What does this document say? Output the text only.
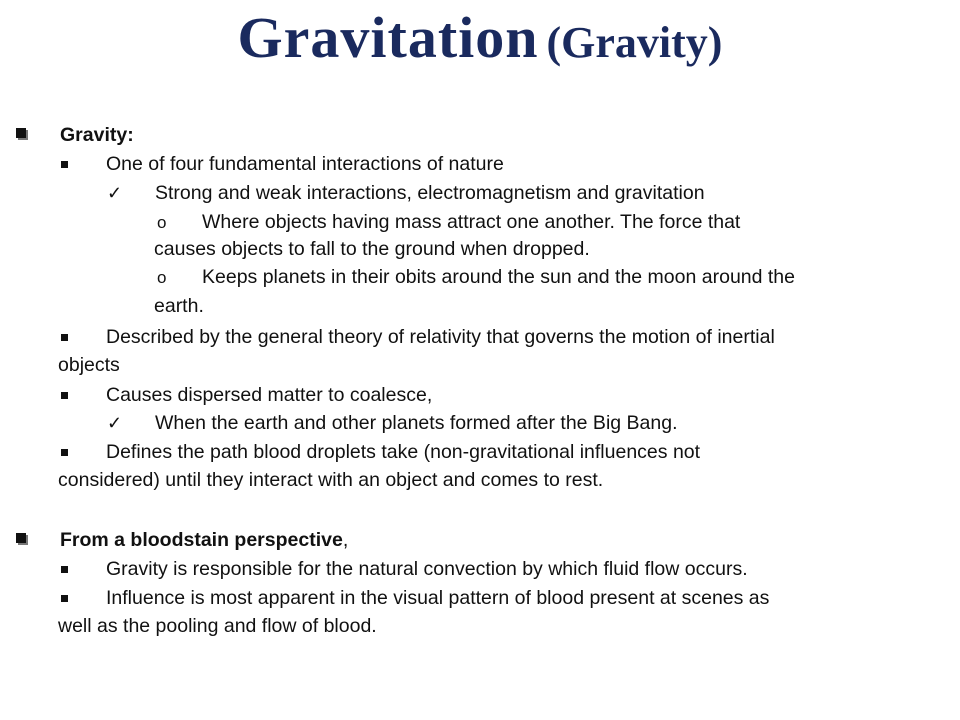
Gravitation (Gravity)
Gravity:
One of four fundamental interactions of nature
✓ Strong and weak interactions, electromagnetism and gravitation
o Where objects having mass attract one another. The force that
causes objects to fall to the ground when dropped.
o Keeps planets in their obits around the sun and the moon around the
earth.
Described by the general theory of relativity that governs the motion of inertial
objects
Causes dispersed matter to coalesce,
✓ When the earth and other planets formed after the Big Bang.
Defines the path blood droplets take (non-gravitational influences not
considered) until they interact with an object and comes to rest.
From a bloodstain perspective,
Gravity is responsible for the natural convection by which fluid flow occurs.
Influence is most apparent in the visual pattern of blood present at scenes as
well as the pooling and flow of blood.
